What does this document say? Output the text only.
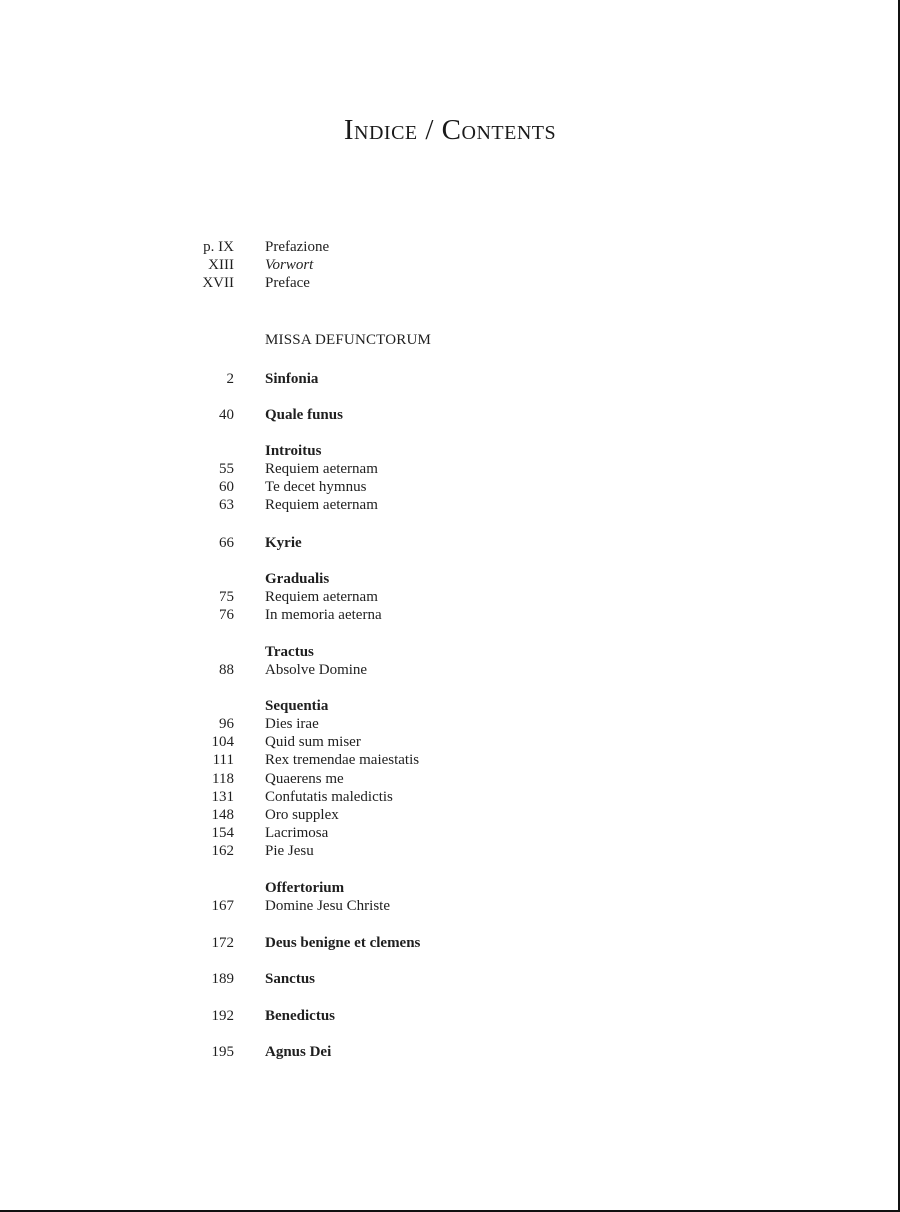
Indice / Contents
p. IX Prefazione
XIII Vorwort
XVII Preface
MISSA DEFUNCTORUM
2 Sinfonia
40 Quale funus
Introitus
55 Requiem aeternam
60 Te decet hymnus
63 Requiem aeternam
66 Kyrie
Gradualis
75 Requiem aeternam
76 In memoria aeterna
Tractus
88 Absolve Domine
Sequentia
96 Dies irae
104 Quid sum miser
111 Rex tremendae maiestatis
118 Quaerens me
131 Confutatis maledictis
148 Oro supplex
154 Lacrimosa
162 Pie Jesu
Offertorium
167 Domine Jesu Christe
172 Deus benigne et clemens
189 Sanctus
192 Benedictus
195 Agnus Dei
